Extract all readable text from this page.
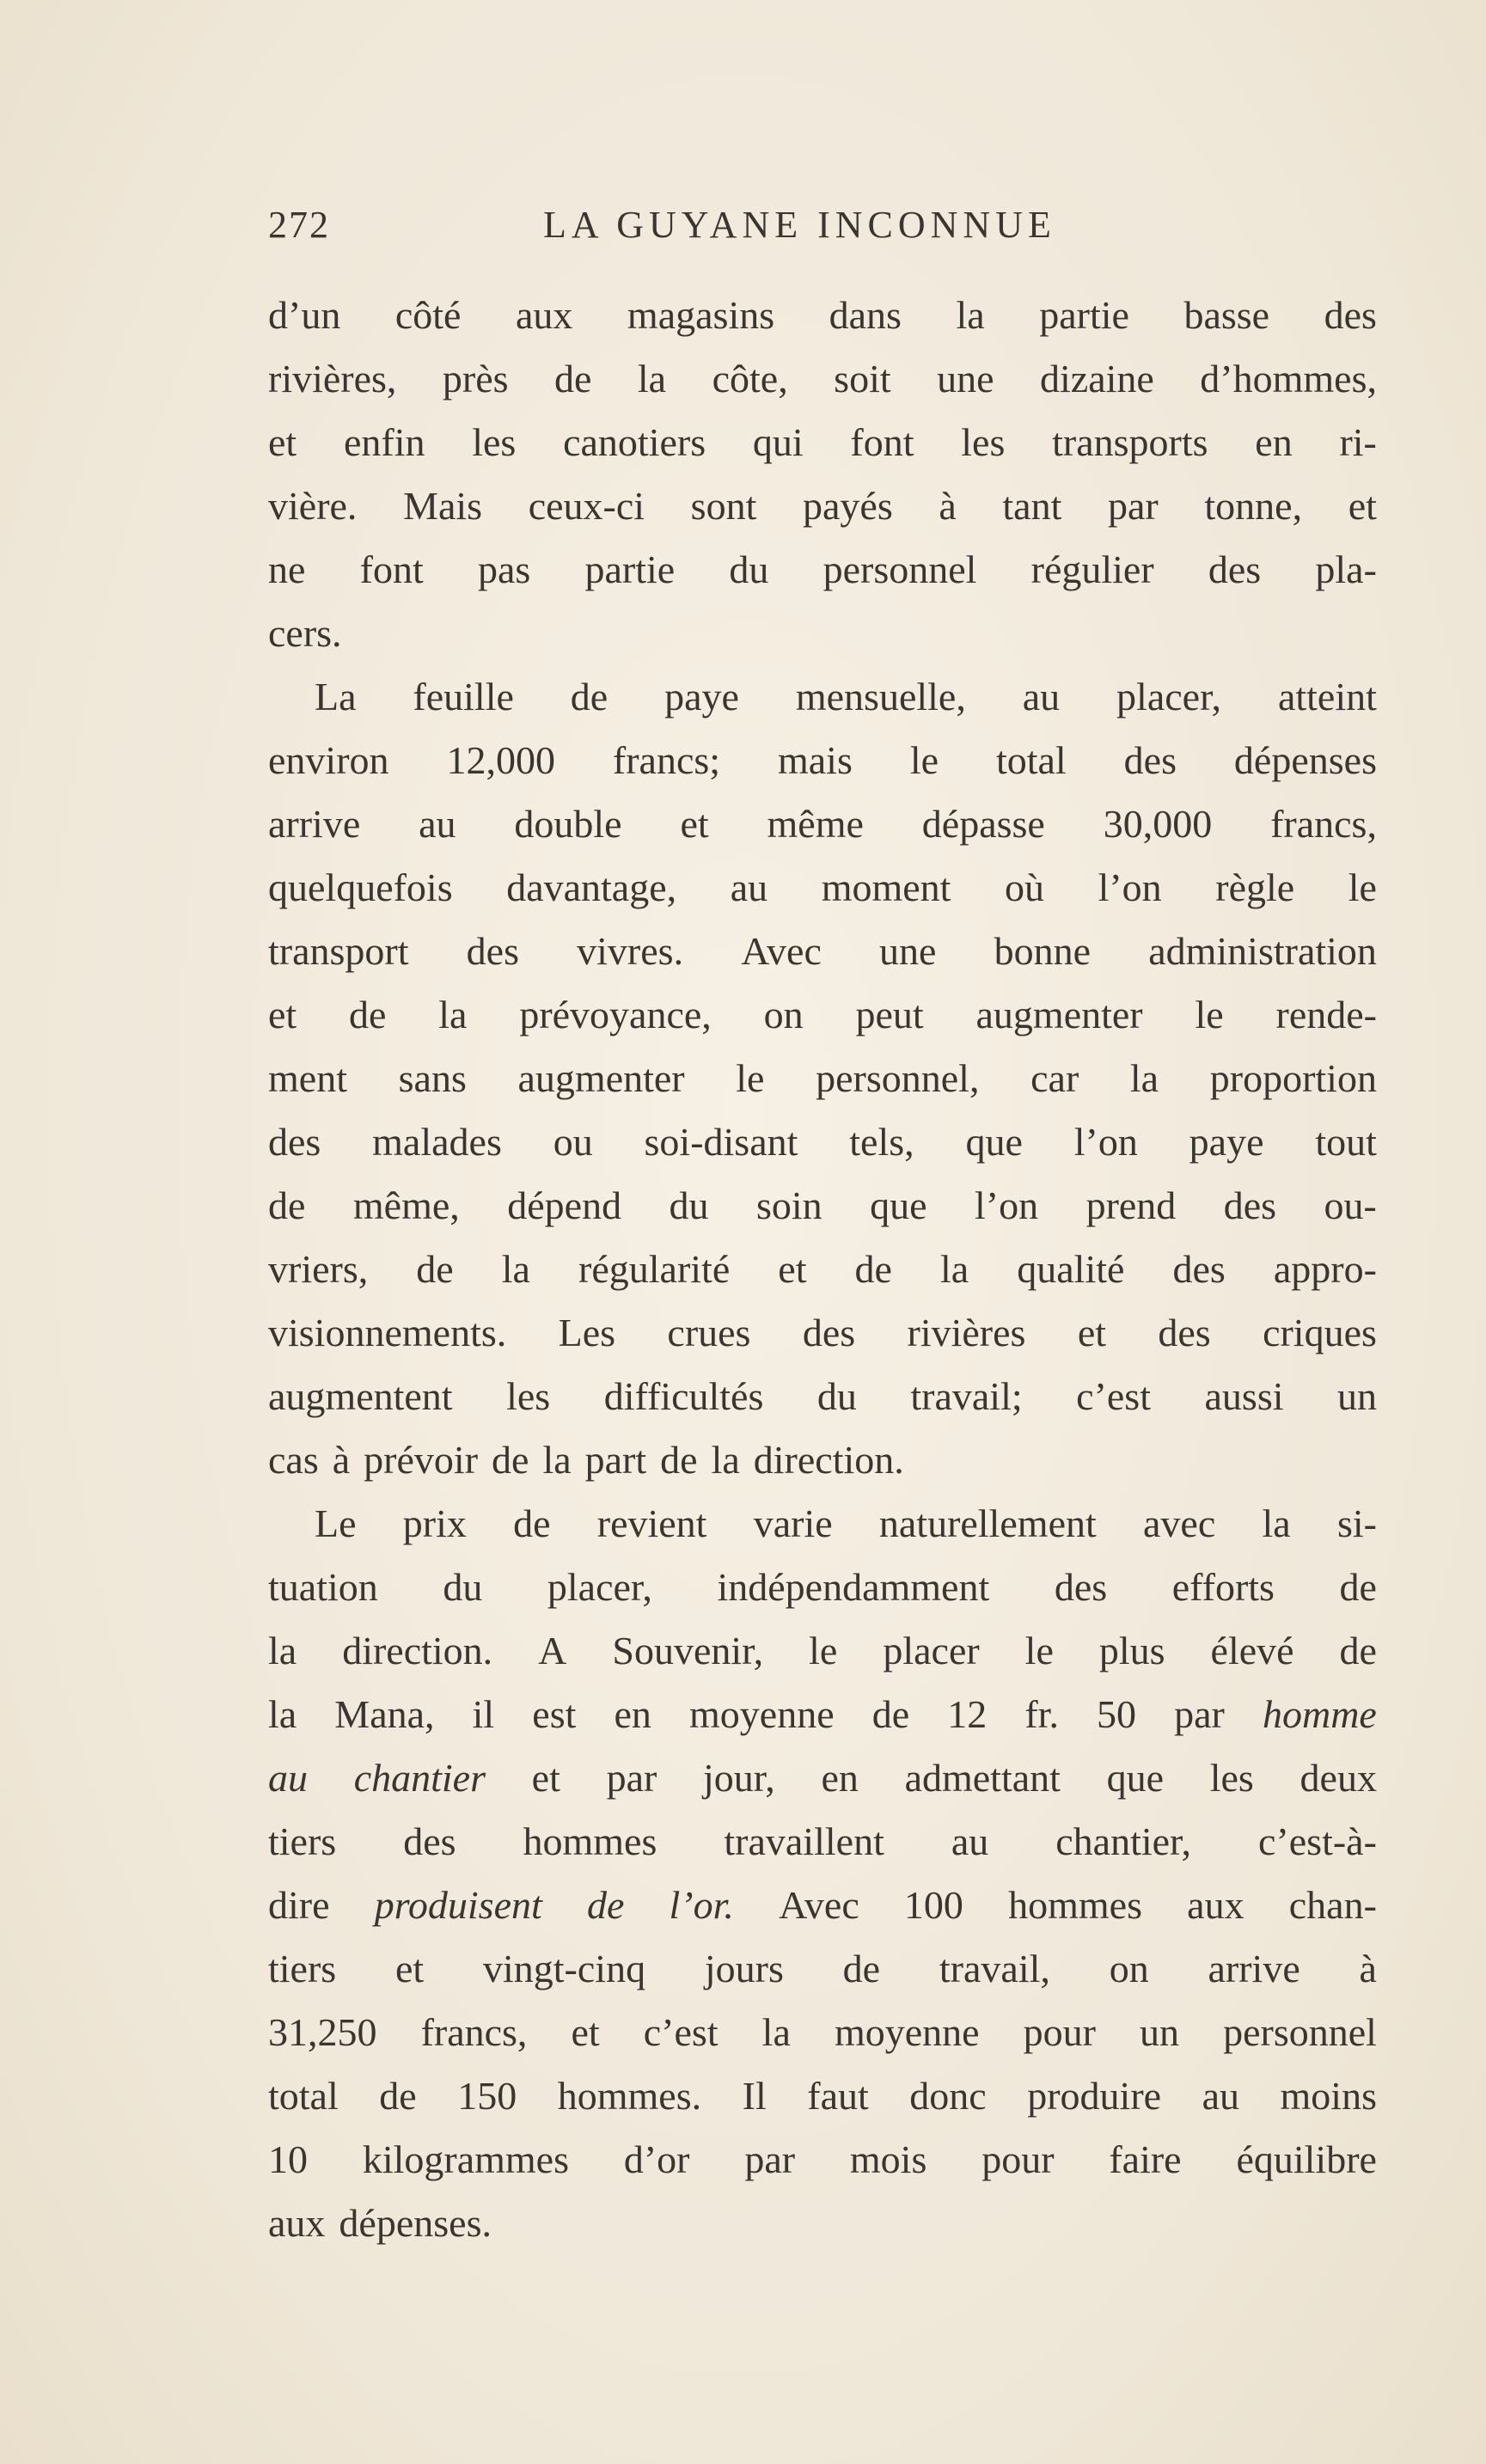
272	LA GUYANE INCONNUE
d’un côté aux magasins dans la partie basse des
rivières, près de la côte, soit une dizaine d’hommes,
et enfin les canotiers qui font les transports en ri-
vière. Mais ceux-ci sont payés à tant par tonne, et
ne font pas partie du personnel régulier des pla-
cers.
La feuille de paye mensuelle, au placer, atteint
environ 12,000 francs; mais le total des dépenses
arrive au double et même dépasse 30,000 francs,
quelquefois davantage, au moment où l’on règle le
transport des vivres. Avec une bonne administration
et de la prévoyance, on peut augmenter le rende-
ment sans augmenter le personnel, car la proportion
des malades ou soi-disant tels, que l’on paye tout
de même, dépend du soin que l’on prend des ou-
vriers, de la régularité et de la qualité des appro-
visionnements. Les crues des rivières et des criques
augmentent les difficultés du travail; c’est aussi un
cas à prévoir de la part de la direction.
Le prix de revient varie naturellement avec la si-
tuation du placer, indépendamment des efforts de
la direction. A Souvenir, le placer le plus élevé de
la Mana, il est en moyenne de 12 fr. 50 par homme
au chantier et par jour, en admettant que les deux
tiers des hommes travaillent au chantier, c’est-à-
dire produisent de l’or. Avec 100 hommes aux chan-
tiers et vingt-cinq jours de travail, on arrive à
31,250 francs, et c’est la moyenne pour un personnel
total de 150 hommes. Il faut donc produire au moins
10 kilogrammes d’or par mois pour faire équilibre
aux dépenses.
